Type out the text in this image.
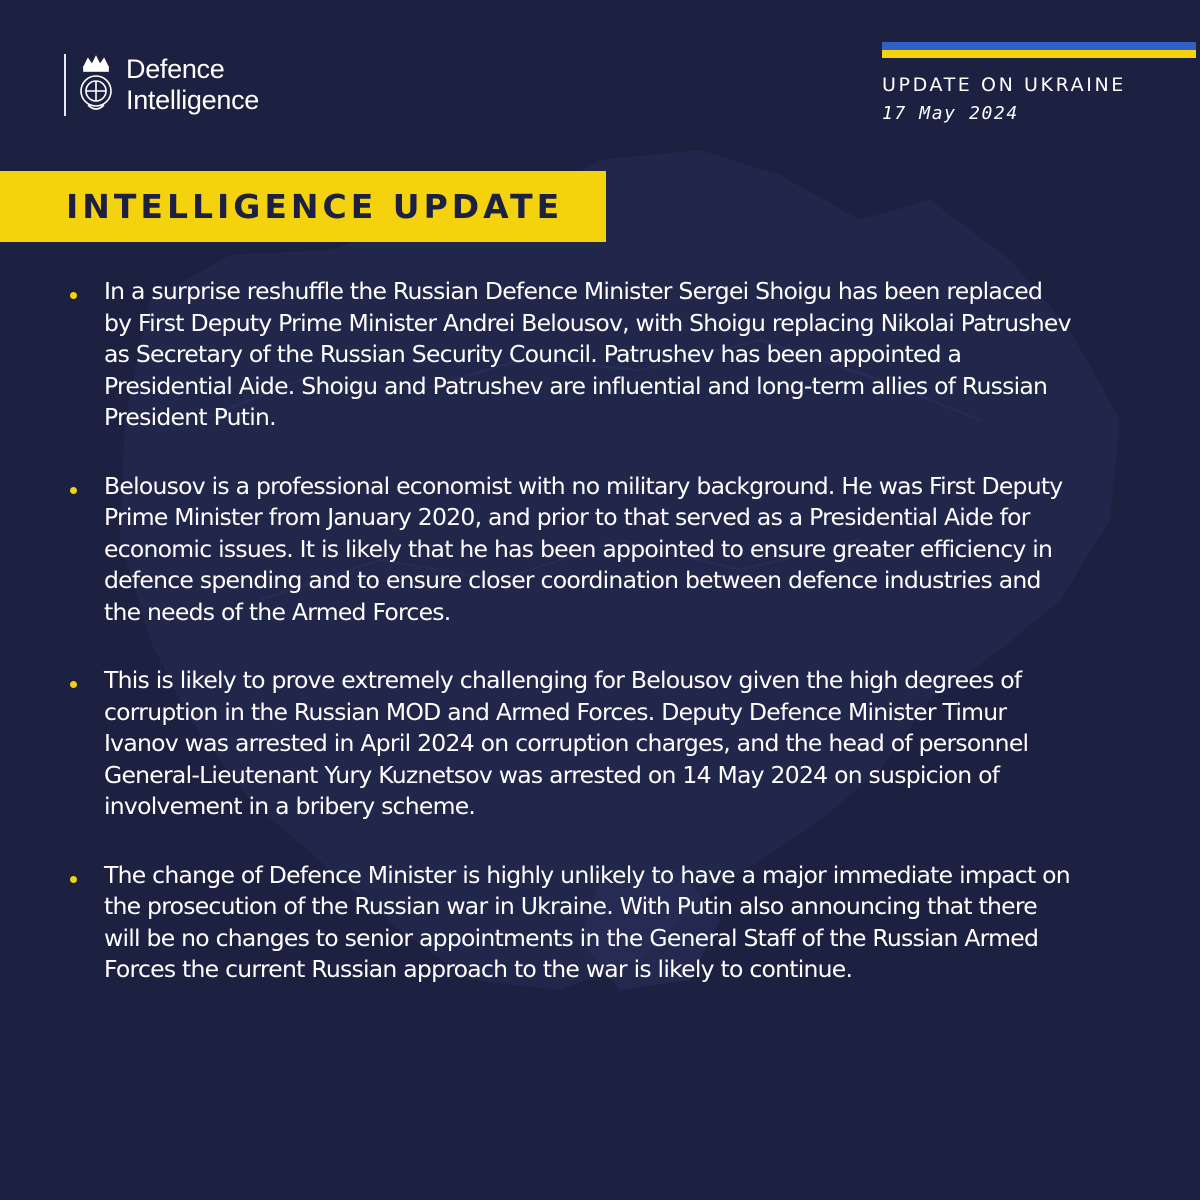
Defence
Intelligence	UPDATE ON UKRAINE
17 May 2024
INTELLIGENCE UPDATE
In a surprise reshuffle the Russian Defence Minister Sergei Shoigu has been replaced by First Deputy Prime Minister Andrei Belousov, with Shoigu replacing Nikolai Patrushev as Secretary of the Russian Security Council. Patrushev has been appointed a Presidential Aide. Shoigu and Patrushev are influential and long-term allies of Russian President Putin.
Belousov is a professional economist with no military background. He was First Deputy Prime Minister from January 2020, and prior to that served as a Presidential Aide for economic issues. It is likely that he has been appointed to ensure greater efficiency in defence spending and to ensure closer coordination between defence industries and the needs of the Armed Forces.
This is likely to prove extremely challenging for Belousov given the high degrees of corruption in the Russian MOD and Armed Forces. Deputy Defence Minister Timur Ivanov was arrested in April 2024 on corruption charges, and the head of personnel General-Lieutenant Yury Kuznetsov was arrested on 14 May 2024 on suspicion of involvement in a bribery scheme.
The change of Defence Minister is highly unlikely to have a major immediate impact on the prosecution of the Russian war in Ukraine. With Putin also announcing that there will be no changes to senior appointments in the General Staff of the Russian Armed Forces the current Russian approach to the war is likely to continue.
